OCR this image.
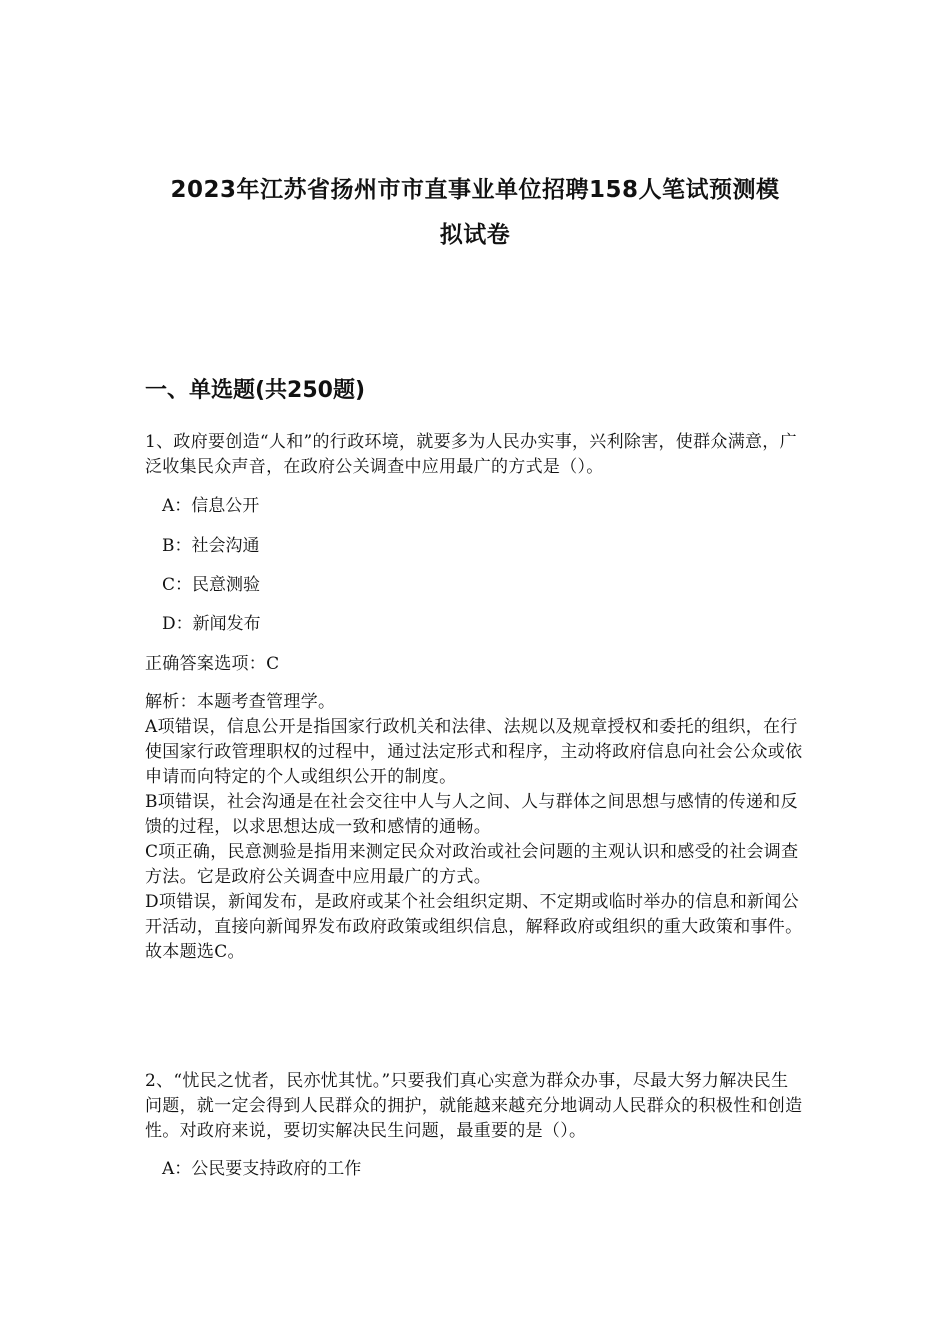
2023年江苏省扬州市市直事业单位招聘158人笔试预测模
拟试卷
一、单选题(共250题)
1、政府要创造“人和”的行政环境，就要多为人民办实事，兴利除害，使群众满意，广泛收集民众声音，在政府公关调查中应用最广的方式是（）。
A：信息公开
B：社会沟通
C：民意测验
D：新闻发布
正确答案选项：C

解析：本题考查管理学。

A项错误，信息公开是指国家行政机关和法律、法规以及规章授权和委托的组织，在行使国家行政管理职权的过程中，通过法定形式和程序，主动将政府信息向社会公众或依申请而向特定的个人或组织公开的制度。

B项错误，社会沟通是在社会交往中人与人之间、人与群体之间思想与感情的传递和反馈的过程，以求思想达成一致和感情的通畅。

C项正确，民意测验是指用来测定民众对政治或社会问题的主观认识和感受的社会调查方法。它是政府公关调查中应用最广的方式。

D项错误，新闻发布，是政府或某个社会组织定期、不定期或临时举办的信息和新闻公开活动，直接向新闻界发布政府政策或组织信息，解释政府或组织的重大政策和事件。

故本题选C。

2、“忧民之忧者，民亦忧其忧。”只要我们真心实意为群众办事，尽最大努力解决民生问题，就一定会得到人民群众的拥护，就能越来越充分地调动人民群众的积极性和创造性。对政府来说，要切实解决民生问题，最重要的是（）。
A：公民要支持政府的工作
